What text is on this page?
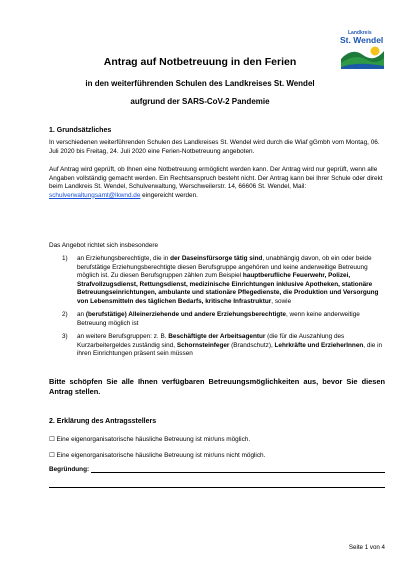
Landkreis
St. Wendel
Antrag auf Notbetreuung in den Ferien
in den weiterführenden Schulen des Landkreises St. Wendel
aufgrund der SARS-CoV-2 Pandemie
1. Grundsätzliches
In verschiedenen weiterführenden Schulen des Landkreises St. Wendel wird durch die Wiaf gGmbh vom Montag, 06. Juli 2020 bis Freitag, 24. Juli 2020 eine Ferien-Notbetreuung angeboten.
Auf Antrag wird geprüft, ob Ihnen eine Notbetreuung ermöglicht werden kann. Der Antrag wird nur geprüft, wenn alle Angaben vollständig gemacht werden. Ein Rechtsanspruch besteht nicht. Der Antrag kann bei Ihrer Schule oder direkt beim Landkreis St. Wendel, Schulverwaltung, Werschweilerstr. 14, 66606 St. Wendel, Mail: schulverwaltungsamt@lkwnd.de eingereicht werden.
Das Angebot richtet sich insbesondere
1) an Erziehungsberechtigte, die in der Daseinsfürsorge tätig sind, unabhängig davon, ob ein oder beide berufstätige Erziehungsberechtigte diesen Berufsgruppe angehören und keine anderweitige Betreuung möglich ist. Zu diesen Berufsgruppen zählen zum Beispiel hauptberufliche Feuerwehr, Polizei, Strafvollzugsdienst, Rettungsdienst, medizinische Einrichtungen inklusive Apotheken, stationäre Betreuungseinrichtungen, ambulante und stationäre Pflegedienste, die Produktion und Versorgung von Lebensmitteln des täglichen Bedarfs, kritische Infrastruktur, sowie
2) an (berufstätige) Alleinerziehende und andere Erziehungsberechtigte, wenn keine anderweitige Betreuung möglich ist
3) an weitere Berufsgruppen: z. B. Beschäftigte der Arbeitsagentur (die für die Auszahlung des Kurzarbeitergeldes zuständig sind, Schornsteinfeger (Brandschutz), Lehrkräfte und ErzieherInnen, die in ihren Einrichtungen präsent sein müssen
Bitte schöpfen Sie alle Ihnen verfügbaren Betreuungsmöglichkeiten aus, bevor Sie diesen Antrag stellen.
2. Erklärung des Antragsstellers
☐ Eine eigenorganisatorische häusliche Betreuung ist mir/uns möglich.
☐ Eine eigenorganisatorische häusliche Betreuung ist mir/uns nicht möglich.
Begründung:
Seite 1 von 4
